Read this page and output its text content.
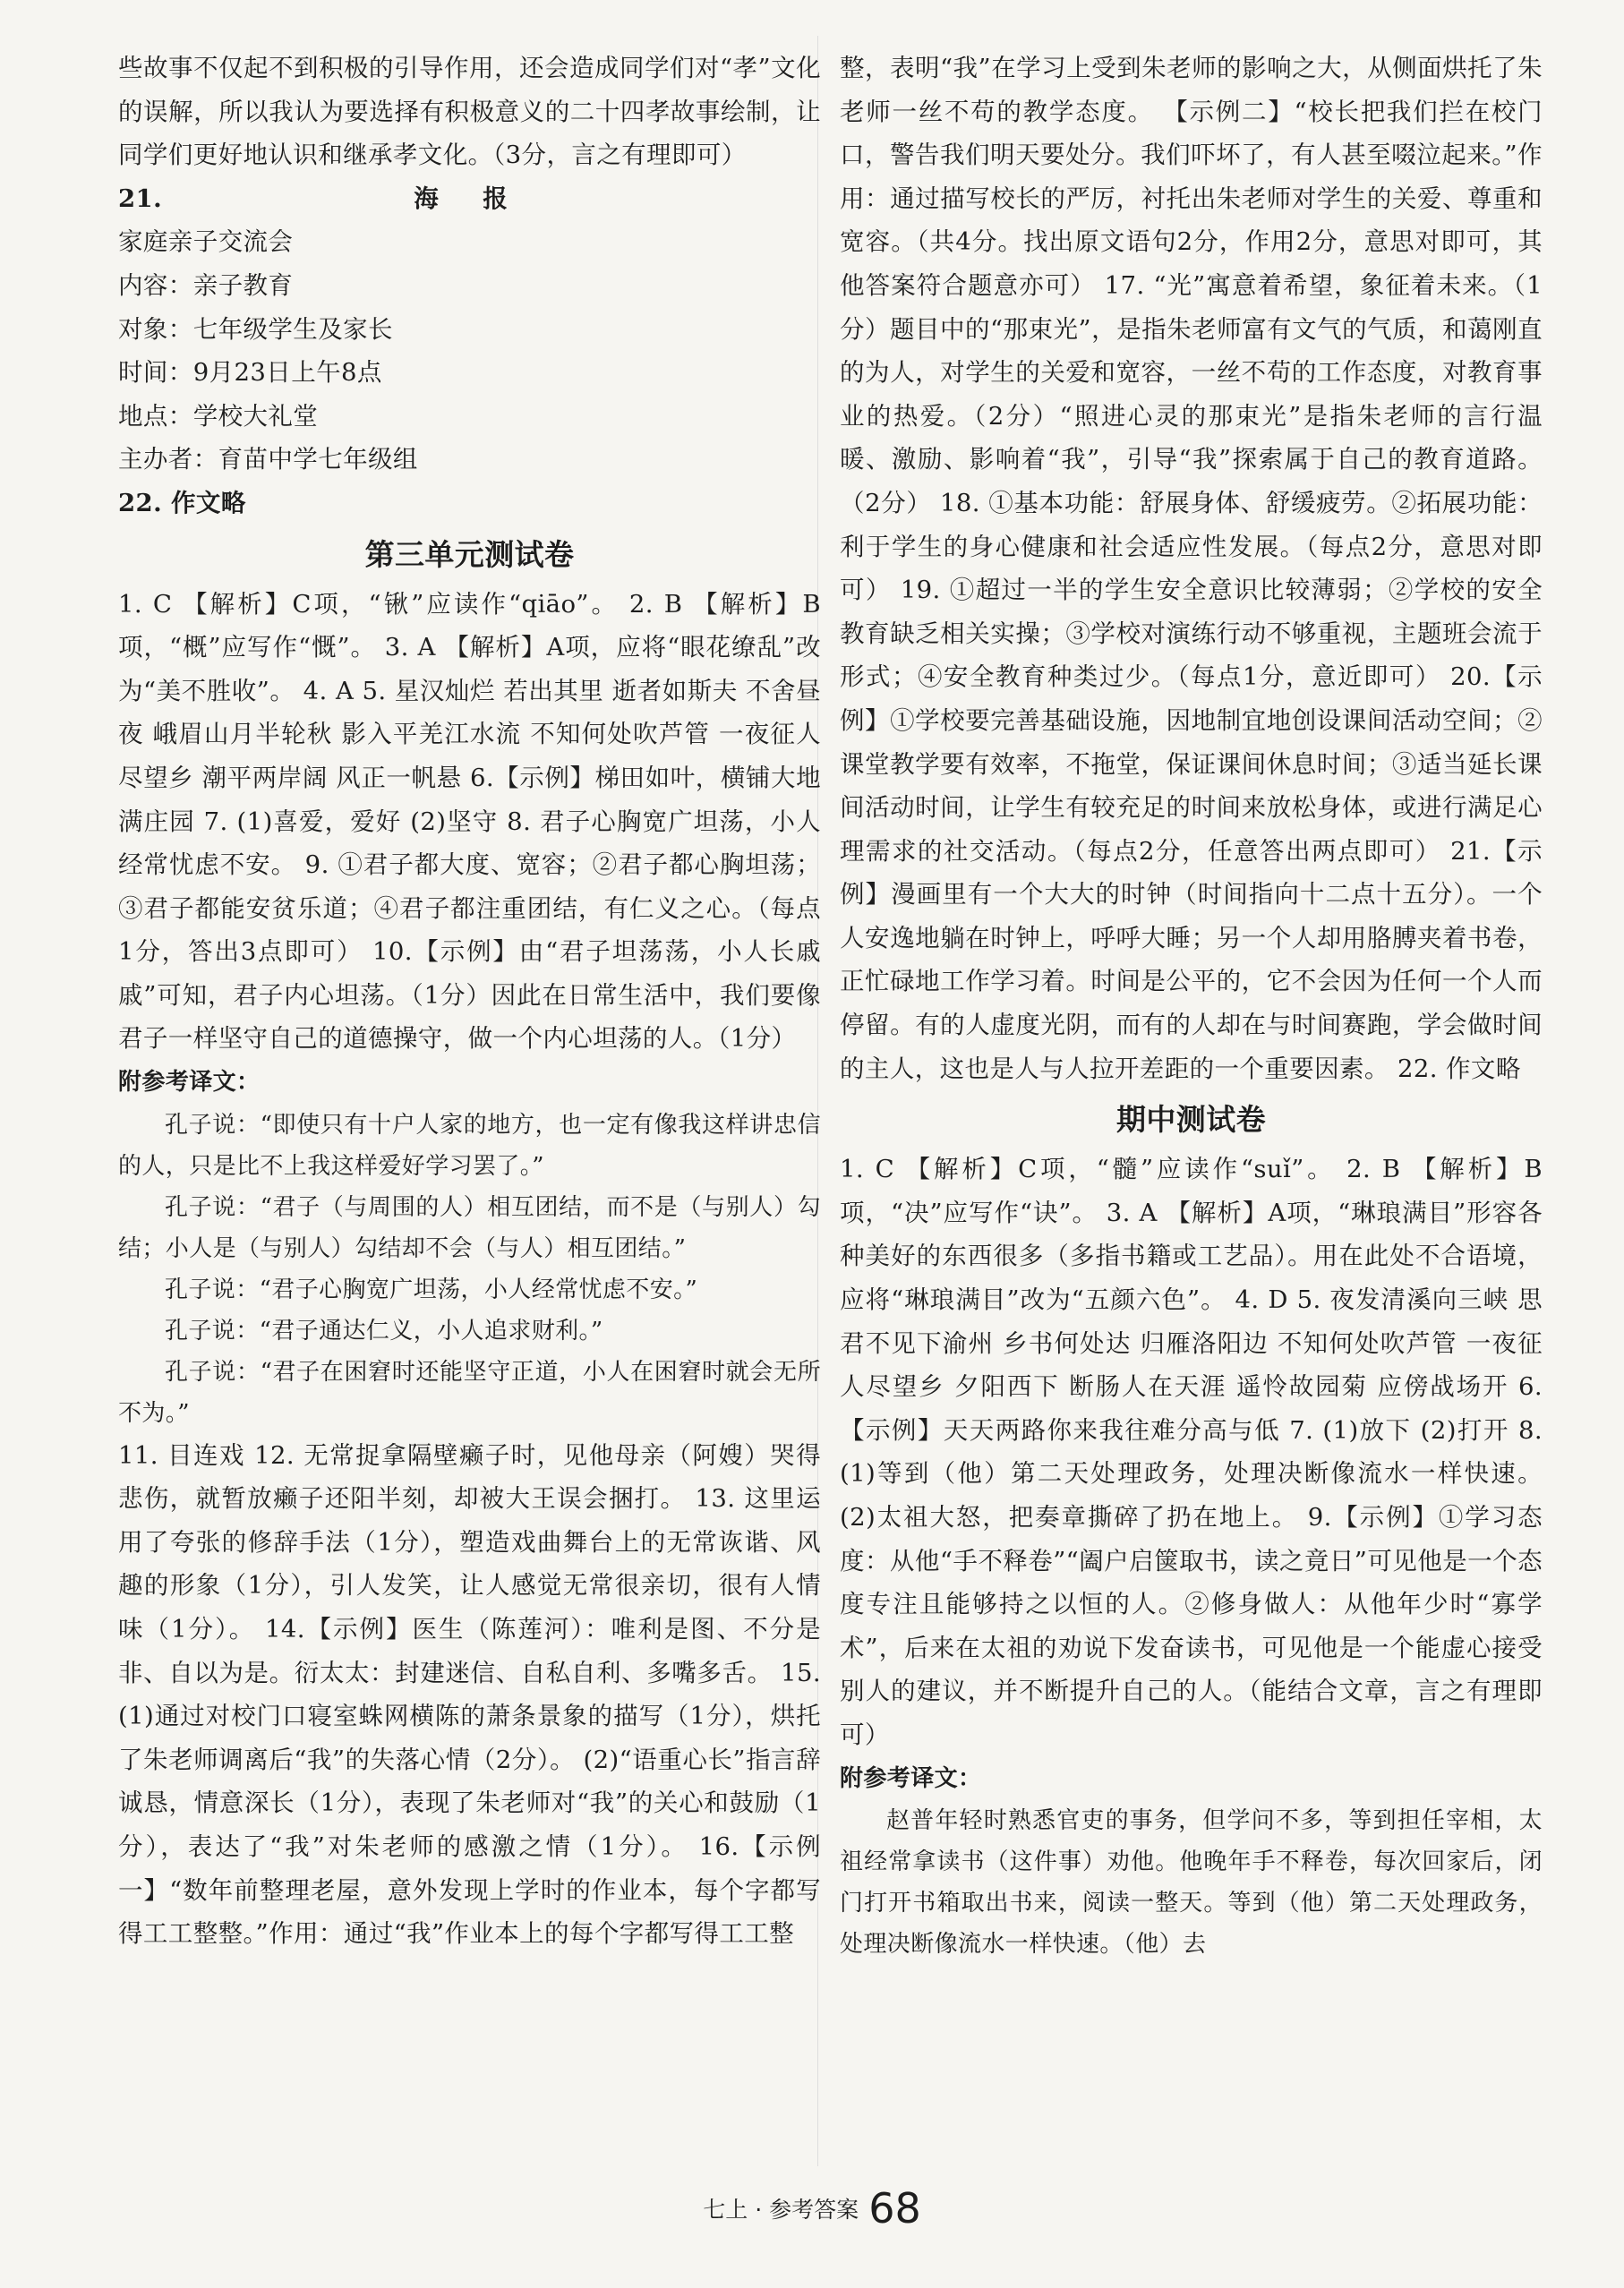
些故事不仅起不到积极的引导作用，还会造成同学们对“孝”文化的误解，所以我认为要选择有积极意义的二十四孝故事绘制，让同学们更好地认识和继承孝文化。（3分，言之有理即可）

21.	海 报

家庭亲子交流会

内容：亲子教育

对象：七年级学生及家长

时间：9月23日上午8点

地点：学校大礼堂

主办者：育苗中学七年级组

22. 作文略

第三单元测试卷

1. C 【解析】C项，“锹”应读作“qiāo”。 2. B 【解析】B项，“概”应写作“慨”。 3. A 【解析】A项，应将“眼花缭乱”改为“美不胜收”。 4. A 5. 星汉灿烂 若出其里 逝者如斯夫 不舍昼夜 峨眉山月半轮秋 影入平羌江水流 不知何处吹芦管 一夜征人尽望乡 潮平两岸阔 风正一帆悬 6.【示例】梯田如叶，横铺大地满庄园 7. (1)喜爱，爱好 (2)坚守 8. 君子心胸宽广坦荡，小人经常忧虑不安。 9. ①君子都大度、宽容；②君子都心胸坦荡；③君子都能安贫乐道；④君子都注重团结，有仁义之心。（每点1分，答出3点即可） 10.【示例】由“君子坦荡荡，小人长戚戚”可知，君子内心坦荡。（1分）因此在日常生活中，我们要像君子一样坚守自己的道德操守，做一个内心坦荡的人。（1分）

附参考译文：

孔子说：“即使只有十户人家的地方，也一定有像我这样讲忠信的人，只是比不上我这样爱好学习罢了。”

孔子说：“君子（与周围的人）相互团结，而不是（与别人）勾结；小人是（与别人）勾结却不会（与人）相互团结。”

孔子说：“君子心胸宽广坦荡，小人经常忧虑不安。”

孔子说：“君子通达仁义，小人追求财利。”

孔子说：“君子在困窘时还能坚守正道，小人在困窘时就会无所不为。”

11. 目连戏 12. 无常捉拿隔壁癞子时，见他母亲（阿嫂）哭得悲伤，就暂放癞子还阳半刻，却被大王误会捆打。 13. 这里运用了夸张的修辞手法（1分），塑造戏曲舞台上的无常诙谐、风趣的形象（1分），引人发笑，让人感觉无常很亲切，很有人情味（1分）。 14.【示例】医生（陈莲河）：唯利是图、不分是非、自以为是。衍太太：封建迷信、自私自利、多嘴多舌。 15. (1)通过对校门口寝室蛛网横陈的萧条景象的描写（1分），烘托了朱老师调离后“我”的失落心情（2分）。 (2)“语重心长”指言辞诚恳，情意深长（1分），表现了朱老师对“我”的关心和鼓励（1分），表达了“我”对朱老师的感激之情（1分）。 16.【示例一】“数年前整理老屋，意外发现上学时的作业本，每个字都写得工工整整。”作用：通过“我”作业本上的每个字都写得工工整

整，表明“我”在学习上受到朱老师的影响之大，从侧面烘托了朱老师一丝不苟的教学态度。 【示例二】“校长把我们拦在校门口，警告我们明天要处分。我们吓坏了，有人甚至啜泣起来。”作用：通过描写校长的严厉，衬托出朱老师对学生的关爱、尊重和宽容。（共4分。找出原文语句2分，作用2分，意思对即可，其他答案符合题意亦可） 17. “光”寓意着希望，象征着未来。（1分）题目中的“那束光”，是指朱老师富有文气的气质，和蔼刚直的为人，对学生的关爱和宽容，一丝不苟的工作态度，对教育事业的热爱。（2分）“照进心灵的那束光”是指朱老师的言行温暖、激励、影响着“我”，引导“我”探索属于自己的教育道路。（2分） 18. ①基本功能：舒展身体、舒缓疲劳。②拓展功能：利于学生的身心健康和社会适应性发展。（每点2分，意思对即可） 19. ①超过一半的学生安全意识比较薄弱；②学校的安全教育缺乏相关实操；③学校对演练行动不够重视，主题班会流于形式；④安全教育种类过少。（每点1分，意近即可） 20.【示例】①学校要完善基础设施，因地制宜地创设课间活动空间；②课堂教学要有效率，不拖堂，保证课间休息时间；③适当延长课间活动时间，让学生有较充足的时间来放松身体，或进行满足心理需求的社交活动。（每点2分，任意答出两点即可） 21.【示例】漫画里有一个大大的时钟（时间指向十二点十五分）。一个人安逸地躺在时钟上，呼呼大睡；另一个人却用胳膊夹着书卷，正忙碌地工作学习着。时间是公平的，它不会因为任何一个人而停留。有的人虚度光阴，而有的人却在与时间赛跑，学会做时间的主人，这也是人与人拉开差距的一个重要因素。 22. 作文略

期中测试卷

1. C 【解析】C项，“髓”应读作“suǐ”。 2. B 【解析】B项，“决”应写作“诀”。 3. A 【解析】A项，“琳琅满目”形容各种美好的东西很多（多指书籍或工艺品）。用在此处不合语境，应将“琳琅满目”改为“五颜六色”。 4. D 5. 夜发清溪向三峡 思君不见下渝州 乡书何处达 归雁洛阳边 不知何处吹芦管 一夜征人尽望乡 夕阳西下 断肠人在天涯 遥怜故园菊 应傍战场开 6.【示例】天天两路你来我往难分高与低 7. (1)放下 (2)打开 8. (1)等到（他）第二天处理政务，处理决断像流水一样快速。 (2)太祖大怒，把奏章撕碎了扔在地上。 9.【示例】①学习态度：从他“手不释卷”“阖户启箧取书，读之竟日”可见他是一个态度专注且能够持之以恒的人。②修身做人：从他年少时“寡学术”，后来在太祖的劝说下发奋读书，可见他是一个能虚心接受别人的建议，并不断提升自己的人。（能结合文章，言之有理即可）

附参考译文：

赵普年轻时熟悉官吏的事务，但学问不多，等到担任宰相，太祖经常拿读书（这件事）劝他。他晚年手不释卷，每次回家后，闭门打开书箱取出书来，阅读一整天。等到（他）第二天处理政务，处理决断像流水一样快速。（他）去

七上 · 参考答案 68
